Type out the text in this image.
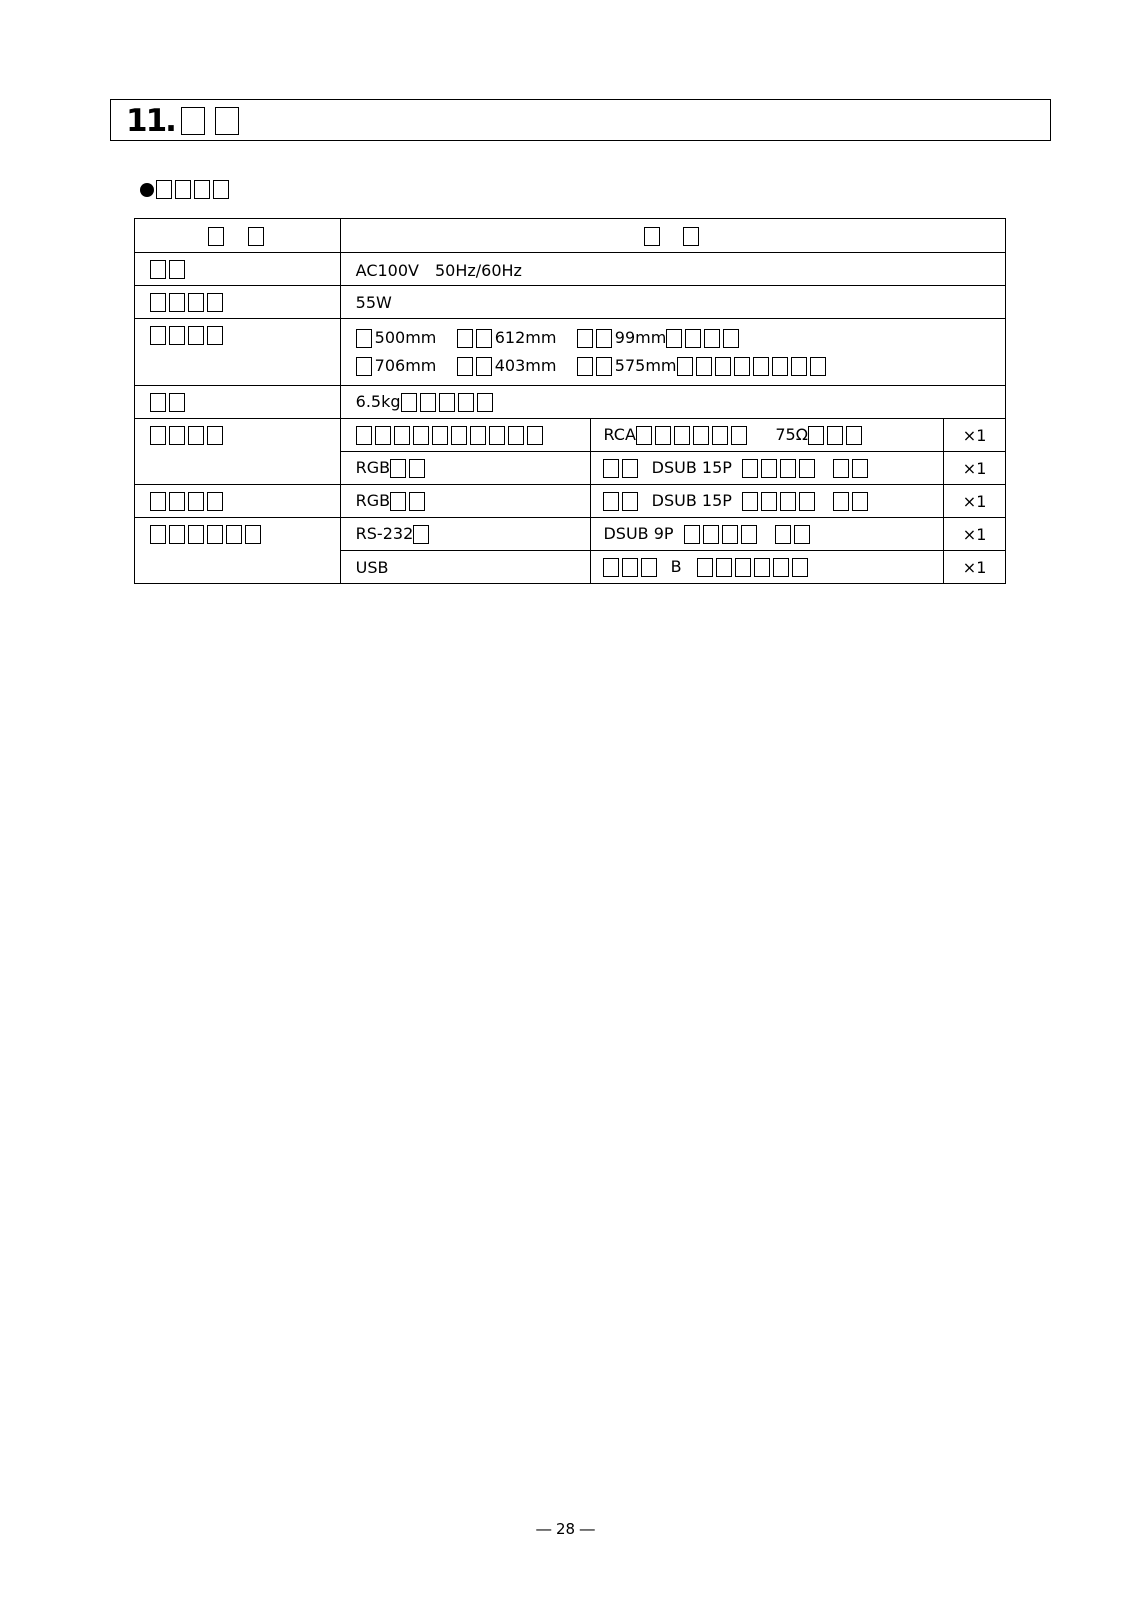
11.

	AC100V　50Hz/60Hz		
	55W		

	500mm 612mm 99mm
706mm 403mm 575mm		

	6.5kg		
		RCA 75Ω	×1
	RGB	DSUB 15P	×1
	RGB	DSUB 15P	×1
	RS-232	DSUB 9P	×1
	USB	B	×1
― 28 ―
